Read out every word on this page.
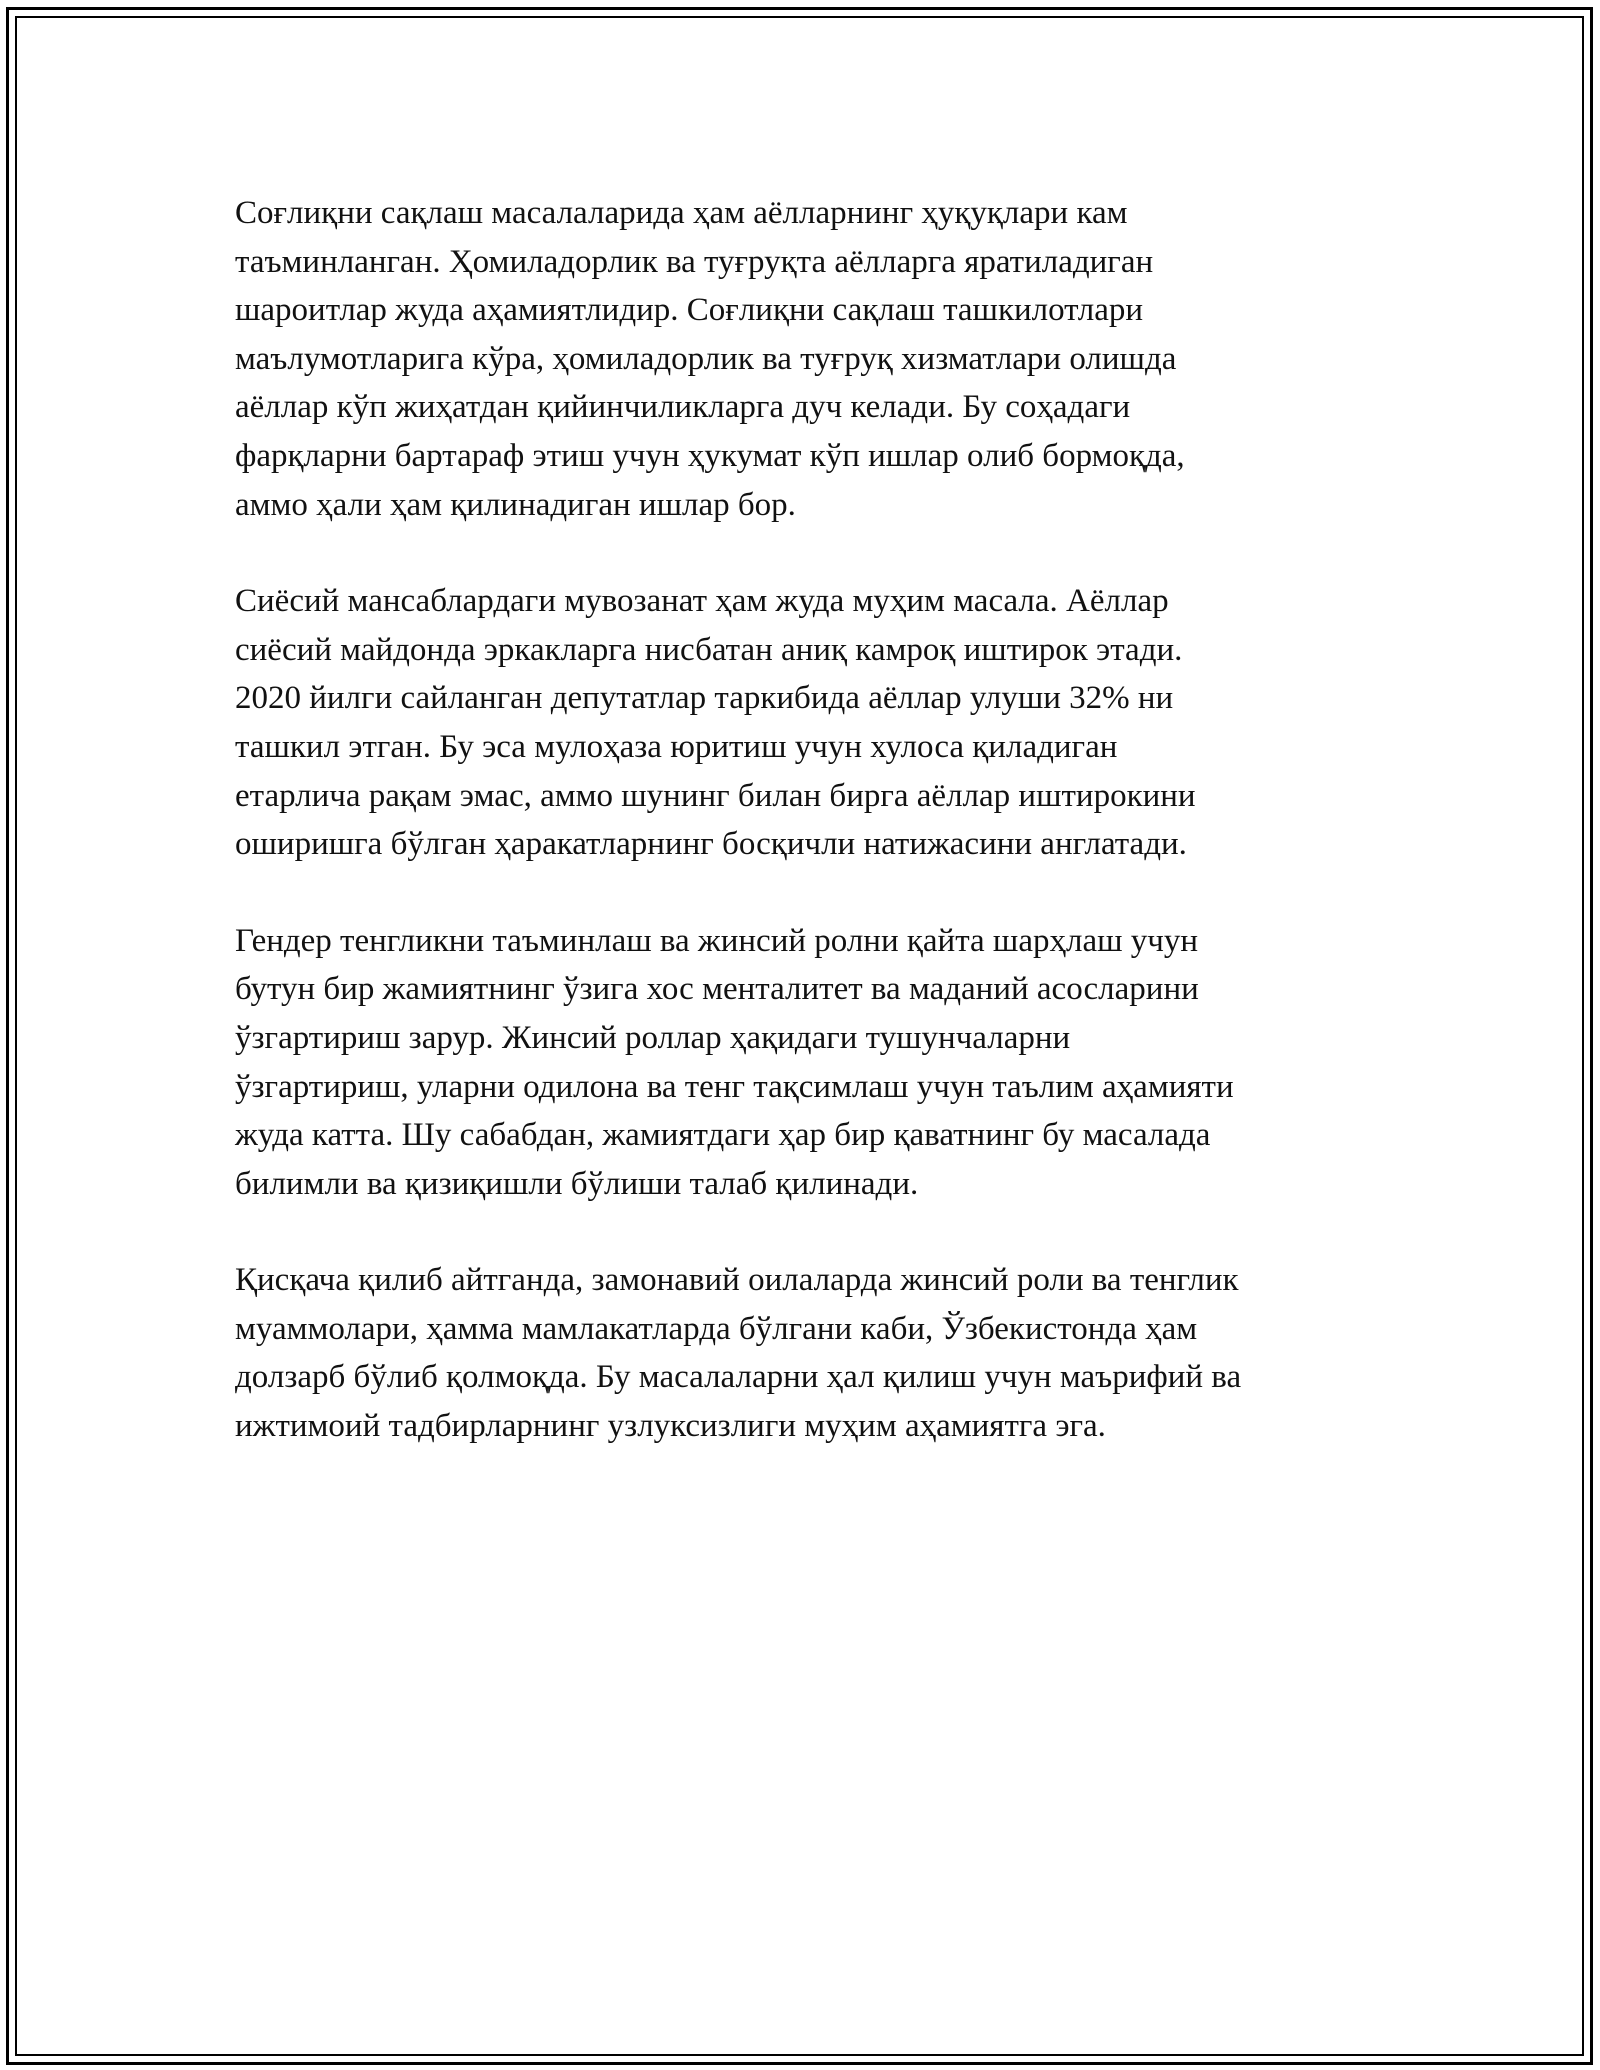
Соғлиқни сақлаш масалаларида ҳам аёлларнинг ҳуқуқлари кам
таъминланган. Ҳомиладорлик ва туғруқта аёлларга яратиладиган
шароитлар жуда аҳамиятлидир. Соғлиқни сақлаш ташкилотлари
маълумотларига кўра, ҳомиладорлик ва туғруқ хизматлари олишда
аёллар кўп жиҳатдан қийинчиликларга дуч келади. Бу соҳадаги
фарқларни бартараф этиш учун ҳукумат кўп ишлар олиб бормоқда,
аммо ҳали ҳам қилинадиган ишлар бор.

Сиёсий мансаблардаги мувозанат ҳам жуда муҳим масала. Аёллар
сиёсий майдонда эркакларга нисбатан аниқ камроқ иштирок этади.
2020 йилги сайланган депутатлар таркибида аёллар улуши 32% ни
ташкил этган. Бу эса мулоҳаза юритиш учун хулоса қиладиган
етарлича рақам эмас, аммо шунинг билан бирга аёллар иштирокини
оширишга бўлган ҳаракатларнинг босқичли натижасини англатади.

Гендер тенгликни таъминлаш ва жинсий ролни қайта шарҳлаш учун
бутун бир жамиятнинг ўзига хос менталитет ва маданий асосларини
ўзгартириш зарур. Жинсий роллар ҳақидаги тушунчаларни
ўзгартириш, уларни одилона ва тенг тақсимлаш учун таълим аҳамияти
жуда катта. Шу сабабдан, жамиятдаги ҳар бир қаватнинг бу масалада
билимли ва қизиқишли бўлиши талаб қилинади.

Қисқача қилиб айтганда, замонавий оилаларда жинсий роли ва тенглик
муаммолари, ҳамма мамлакатларда бўлгани каби, Ўзбекистонда ҳам
долзарб бўлиб қолмоқда. Бу масалаларни ҳал қилиш учун маърифий ва
ижтимоий тадбирларнинг узлуксизлиги муҳим аҳамиятга эга.
